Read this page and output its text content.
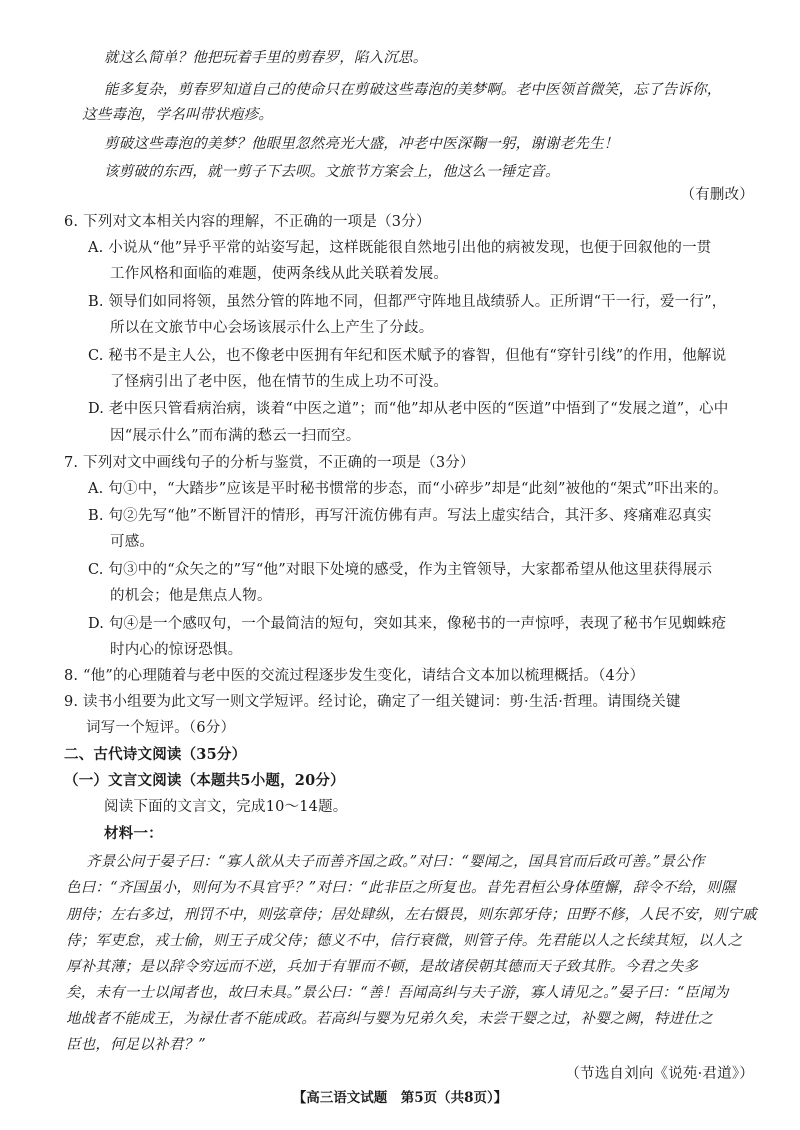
就这么简单？他把玩着手里的剪春罗，陷入沉思。
能多复杂，剪春罗知道自己的使命只在剪破这些毒泡的美梦啊。老中医领首微笑，忘了告诉你，
这些毒泡，学名叫带状疱疹。
剪破这些毒泡的美梦？他眼里忽然亮光大盛，冲老中医深鞠一躬，谢谢老先生！
该剪破的东西，就一剪子下去呗。文旅节方案会上，他这么一锤定音。
（有删改）
6. 下列对文本相关内容的理解，不正确的一项是（3分）
A. 小说从“他”异乎平常的站姿写起，这样既能很自然地引出他的病被发现，也便于回叙他的一贯
工作风格和面临的难题，使两条线从此关联着发展。
B. 领导们如同将领，虽然分管的阵地不同，但都严守阵地且战绩骄人。正所谓“干一行，爱一行”，
所以在文旅节中心会场该展示什么上产生了分歧。
C. 秘书不是主人公，也不像老中医拥有年纪和医术赋予的睿智，但他有“穿针引线”的作用，他解说
了怪病引出了老中医，他在情节的生成上功不可没。
D. 老中医只管看病治病，谈着“中医之道”；而“他”却从老中医的“医道”中悟到了“发展之道”，心中
因“展示什么”而布满的愁云一扫而空。
7. 下列对文中画线句子的分析与鉴赏，不正确的一项是（3分）
A. 句①中，“大踏步”应该是平时秘书惯常的步态，而“小碎步”却是“此刻”被他的“架式”吓出来的。
B. 句②先写“他”不断冒汗的情形，再写汗流仿佛有声。写法上虚实结合，其汗多、疼痛难忍真实
可感。
C. 句③中的“众矢之的”写“他”对眼下处境的感受，作为主管领导，大家都希望从他这里获得展示
的机会；他是焦点人物。
D. 句④是一个感叹句，一个最简洁的短句，突如其来，像秘书的一声惊呼，表现了秘书乍见蜘蛛疮
时内心的惊讶恐惧。
8. “他”的心理随着与老中医的交流过程逐步发生变化，请结合文本加以梳理概括。（4分）
9. 读书小组要为此文写一则文学短评。经讨论，确定了一组关键词：剪·生活·哲理。请围绕关键
词写一个短评。（6分）
二、古代诗文阅读（35分）
（一）文言文阅读（本题共5小题，20分）
阅读下面的文言文，完成10～14题。
材料一：
齐景公问于晏子曰：“寡人欲从夫子而善齐国之政。”对曰：“婴闻之，国具官而后政可善。”景公作
色曰：“齐国虽小，则何为不具官乎？”对曰：“此非臣之所复也。昔先君桓公身体堕懈，辞令不给，则隰
朋侍；左右多过，刑罚不中，则弦章侍；居处肆纵，左右慑畏，则东郭牙侍；田野不修，人民不安，则宁戚
侍；军吏怠，戎士偷，则王子成父侍；德义不中，信行衰微，则管子侍。先君能以人之长续其短，以人之
厚补其薄；是以辞令穷远而不逆，兵加于有罪而不顿，是故诸侯朝其德而天子致其胙。今君之失多
矣，未有一士以闻者也，故曰未具。”景公曰：“善！吾闻高纠与夫子游，寡人请见之。”晏子曰：“臣闻为
地战者不能成王，为禄仕者不能成政。若高纠与婴为兄弟久矣，未尝干婴之过，补婴之阙，特进仕之
臣也，何足以补君？”
（节选自刘向《说苑·君道》）
【高三语文试题　第5页（共8页）】
